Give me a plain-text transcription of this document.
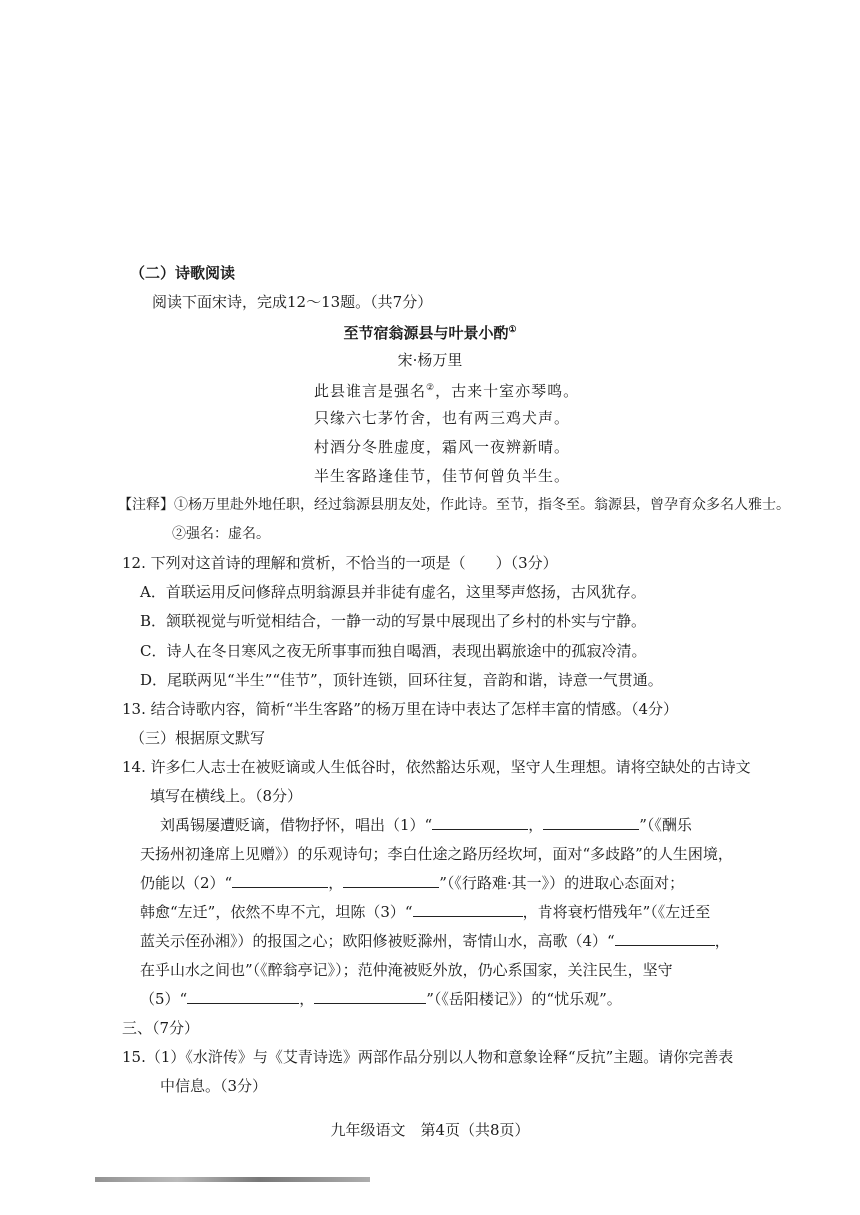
（二）诗歌阅读
阅读下面宋诗，完成12～13题。（共7分）
至节宿翁源县与叶景小酌①
宋·杨万里
此县谁言是强名②，古来十室亦琴鸣。
只缘六七茅竹舍，也有两三鸡犬声。
村酒分冬胜虚度，霜风一夜辨新晴。
半生客路逢佳节，佳节何曾负半生。
【注释】①杨万里赴外地任职，经过翁源县朋友处，作此诗。至节，指冬至。翁源县，曾孕育众多名人雅士。
②强名：虚名。
12. 下列对这首诗的理解和赏析，不恰当的一项是（　　）（3分）
A．首联运用反问修辞点明翁源县并非徒有虚名，这里琴声悠扬，古风犹存。
B．颔联视觉与听觉相结合，一静一动的写景中展现出了乡村的朴实与宁静。
C．诗人在冬日寒风之夜无所事事而独自喝酒，表现出羁旅途中的孤寂冷清。
D．尾联两见“半生”“佳节”，顶针连锁，回环往复，音韵和谐，诗意一气贯通。
13. 结合诗歌内容，简析“半生客路”的杨万里在诗中表达了怎样丰富的情感。（4分）
（三）根据原文默写
14. 许多仁人志士在被贬谪或人生低谷时，依然豁达乐观，坚守人生理想。请将空缺处的古诗文
填写在横线上。（8分）
刘禹锡屡遭贬谪，借物抒怀，唱出（1）“	，	”（《酬乐
天扬州初逢席上见赠》）的乐观诗句；李白仕途之路历经坎坷，面对“多歧路”的人生困境，
仍能以（2）“	，	”（《行路难·其一》）的进取心态面对；
韩愈“左迁”，依然不卑不亢，坦陈（3）“	，肯将衰朽惜残年”（《左迁至
蓝关示侄孙湘》）的报国之心；欧阳修被贬滁州，寄情山水，高歌（4）“	，
在乎山水之间也”（《醉翁亭记》）；范仲淹被贬外放，仍心系国家，关注民生，坚守
（5）“	，	”（《岳阳楼记》）的“忧乐观”。
三、（7分）
15.（1）《水浒传》与《艾青诗选》两部作品分别以人物和意象诠释“反抗”主题。请你完善表
中信息。（3分）
九年级语文　第4页（共8页）
